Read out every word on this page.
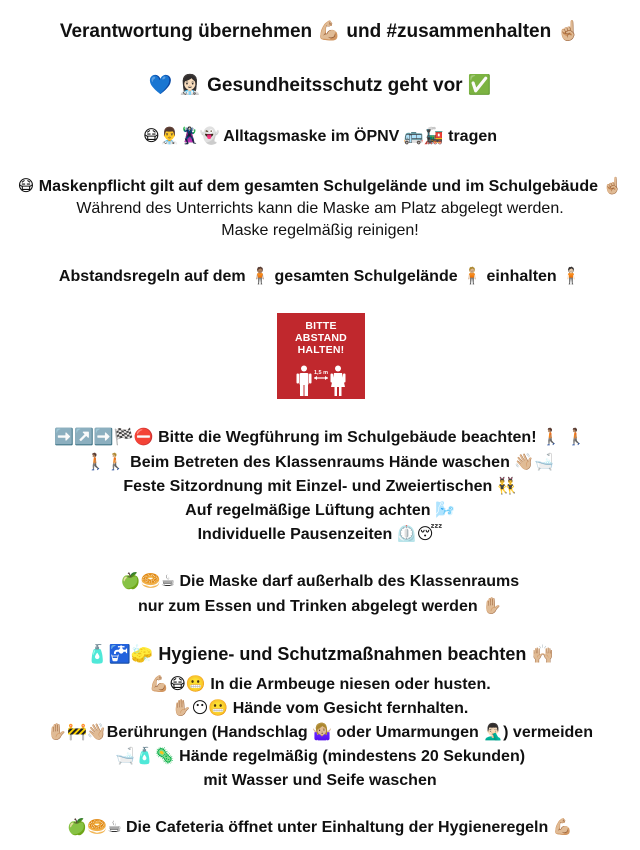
Verantwortung übernehmen 💪🏼 und #zusammenhalten ☝🏼
💙 👩🏻‍⚕️ Gesundheitsschutz geht vor ✅
😷👨‍⚕️🦹‍♀️👻 Alltagsmaske im ÖPNV 🚌🚂 tragen
😷 Maskenpflicht gilt auf dem gesamten Schulgelände und im Schulgebäude ☝🏼
Während des Unterrichts kann die Maske am Platz abgelegt werden.
Maske regelmäßig reinigen!
Abstandsregeln auf dem 🧍🏽 gesamten Schulgelände 🧍🏼 einhalten 🧍🏻
BITTE
ABSTAND
HALTEN!
1,5 m
➡️↗️➡️🏁⛔ Bitte die Wegführung im Schulgebäude beachten! 🚶🏽 🚶🏽
🚶🏽🚶🏼 Beim Betreten des Klassenraums Hände waschen 👋🏼🛁
Feste Sitzordnung mit Einzel- und Zweiertischen 👯‍♂️
Auf regelmäßige Lüftung achten 🌬️
Individuelle Pausenzeiten ⏲️😴
🍏🥯☕ Die Maske darf außerhalb des Klassenraums
nur zum Essen und Trinken abgelegt werden ✋🏼
🧴🚰🧽 Hygiene- und Schutzmaßnahmen beachten 🙌🏼
💪🏼😷😬 In die Armbeuge niesen oder husten.
✋🏼😶😬 Hände vom Gesicht fernhalten.
✋🏼🚧👋🏼Berührungen (Handschlag 🤷🏼‍♀️ oder Umarmungen 🤦🏻‍♂️) vermeiden
🛁🧴🦠 Hände regelmäßig (mindestens 20 Sekunden)
mit Wasser und Seife waschen
🍏🥯☕ Die Cafeteria öffnet unter Einhaltung der Hygieneregeln 💪🏼
